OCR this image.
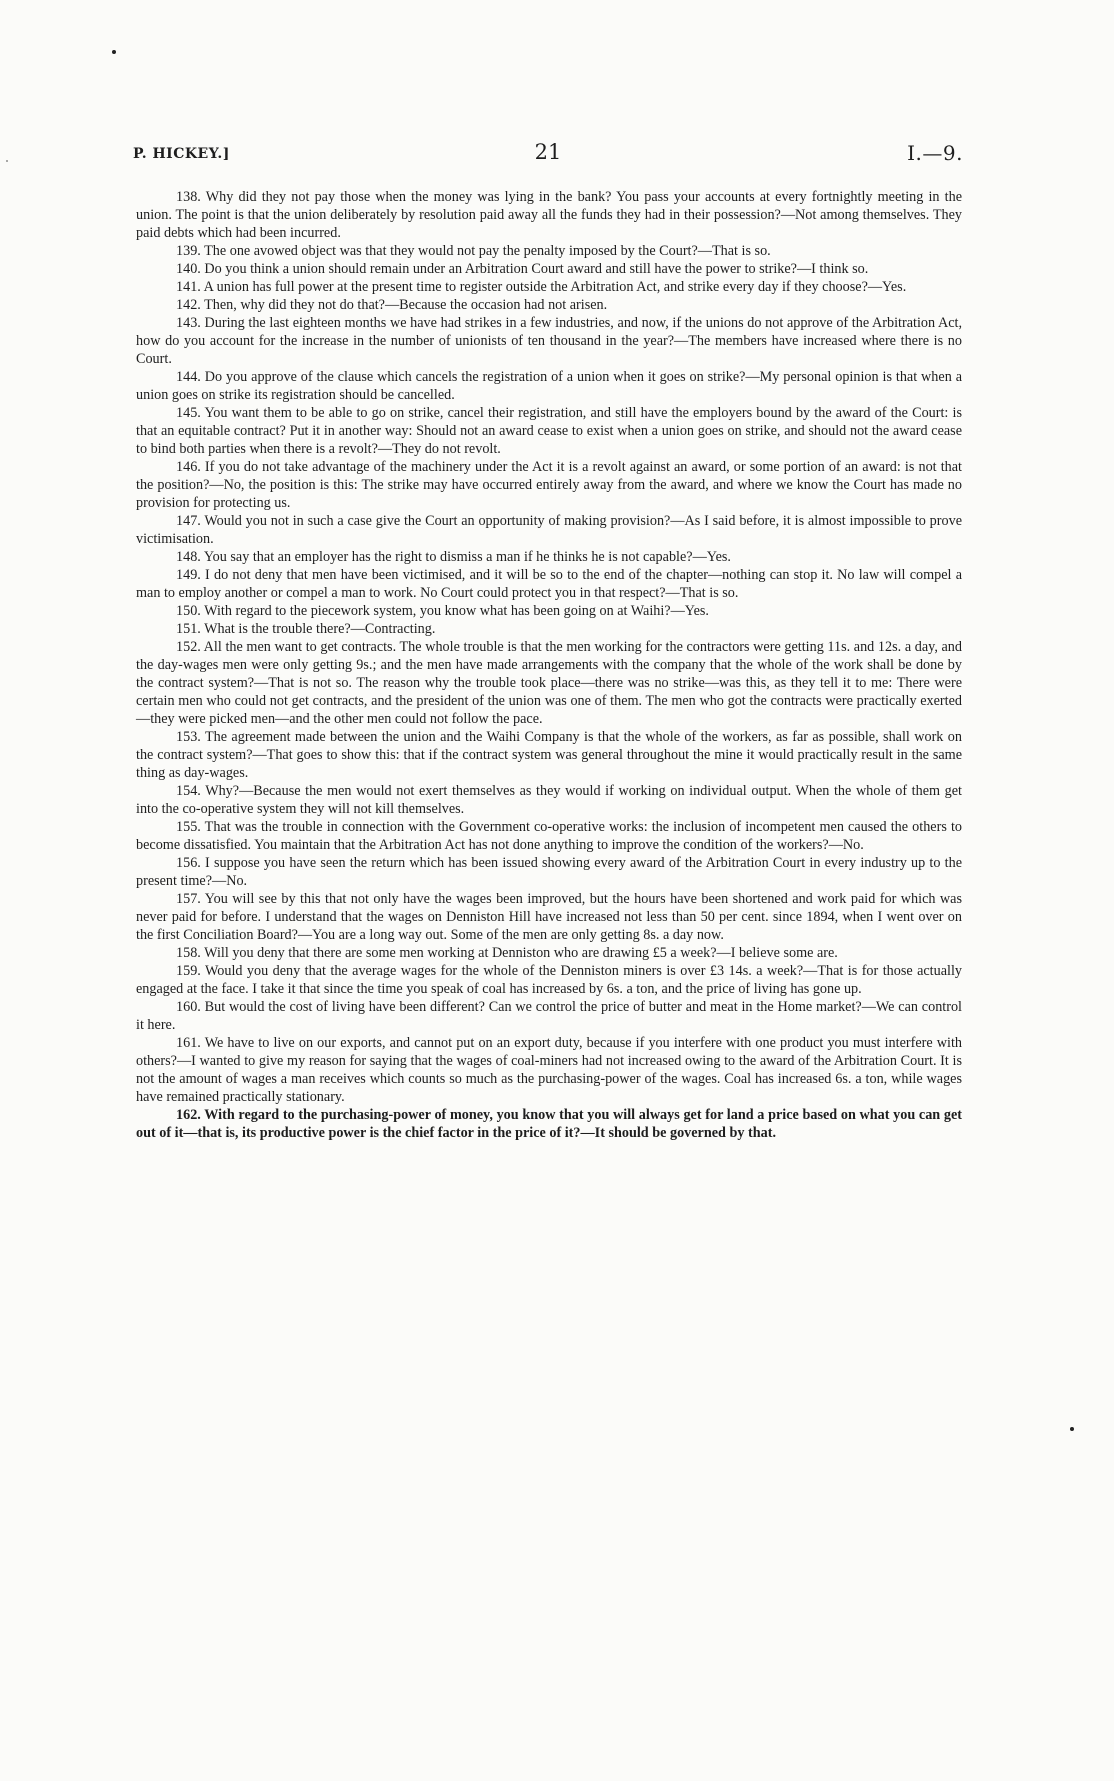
P. HICKEY.]	21	I.—9.

138. Why did they not pay those when the money was lying in the bank? You pass your accounts at every fortnightly meeting in the union. The point is that the union deliberately by resolution paid away all the funds they had in their possession?—Not among themselves. They paid debts which had been incurred.

139. The one avowed object was that they would not pay the penalty imposed by the Court?—That is so.

140. Do you think a union should remain under an Arbitration Court award and still have the power to strike?—I think so.

141. A union has full power at the present time to register outside the Arbitration Act, and strike every day if they choose?—Yes.

142. Then, why did they not do that?—Because the occasion had not arisen.

143. During the last eighteen months we have had strikes in a few industries, and now, if the unions do not approve of the Arbitration Act, how do you account for the increase in the number of unionists of ten thousand in the year?—The members have increased where there is no Court.

144. Do you approve of the clause which cancels the registration of a union when it goes on strike?—My personal opinion is that when a union goes on strike its registration should be cancelled.

145. You want them to be able to go on strike, cancel their registration, and still have the employers bound by the award of the Court: is that an equitable contract? Put it in another way: Should not an award cease to exist when a union goes on strike, and should not the award cease to bind both parties when there is a revolt?—They do not revolt.

146. If you do not take advantage of the machinery under the Act it is a revolt against an award, or some portion of an award: is not that the position?—No, the position is this: The strike may have occurred entirely away from the award, and where we know the Court has made no provision for protecting us.

147. Would you not in such a case give the Court an opportunity of making provision?—As I said before, it is almost impossible to prove victimisation.

148. You say that an employer has the right to dismiss a man if he thinks he is not capable?—Yes.

149. I do not deny that men have been victimised, and it will be so to the end of the chapter—nothing can stop it. No law will compel a man to employ another or compel a man to work. No Court could protect you in that respect?—That is so.

150. With regard to the piecework system, you know what has been going on at Waihi?—Yes.

151. What is the trouble there?—Contracting.

152. All the men want to get contracts. The whole trouble is that the men working for the contractors were getting 11s. and 12s. a day, and the day-wages men were only getting 9s.; and the men have made arrangements with the company that the whole of the work shall be done by the contract system?—That is not so. The reason why the trouble took place—there was no strike—was this, as they tell it to me: There were certain men who could not get contracts, and the president of the union was one of them. The men who got the contracts were practically exerted—they were picked men—and the other men could not follow the pace.

153. The agreement made between the union and the Waihi Company is that the whole of the workers, as far as possible, shall work on the contract system?—That goes to show this: that if the contract system was general throughout the mine it would practically result in the same thing as day-wages.

154. Why?—Because the men would not exert themselves as they would if working on individual output. When the whole of them get into the co-operative system they will not kill themselves.

155. That was the trouble in connection with the Government co-operative works: the inclusion of incompetent men caused the others to become dissatisfied. You maintain that the Arbitration Act has not done anything to improve the condition of the workers?—No.

156. I suppose you have seen the return which has been issued showing every award of the Arbitration Court in every industry up to the present time?—No.

157. You will see by this that not only have the wages been improved, but the hours have been shortened and work paid for which was never paid for before. I understand that the wages on Denniston Hill have increased not less than 50 per cent. since 1894, when I went over on the first Conciliation Board?—You are a long way out. Some of the men are only getting 8s. a day now.

158. Will you deny that there are some men working at Denniston who are drawing £5 a week?—I believe some are.

159. Would you deny that the average wages for the whole of the Denniston miners is over £3 14s. a week?—That is for those actually engaged at the face. I take it that since the time you speak of coal has increased by 6s. a ton, and the price of living has gone up.

160. But would the cost of living have been different? Can we control the price of butter and meat in the Home market?—We can control it here.

161. We have to live on our exports, and cannot put on an export duty, because if you interfere with one product you must interfere with others?—I wanted to give my reason for saying that the wages of coal-miners had not increased owing to the award of the Arbitration Court. It is not the amount of wages a man receives which counts so much as the purchasing-power of the wages. Coal has increased 6s. a ton, while wages have remained practically stationary.

162. With regard to the purchasing-power of money, you know that you will always get for land a price based on what you can get out of it—that is, its productive power is the chief factor in the price of it?—It should be governed by that.
